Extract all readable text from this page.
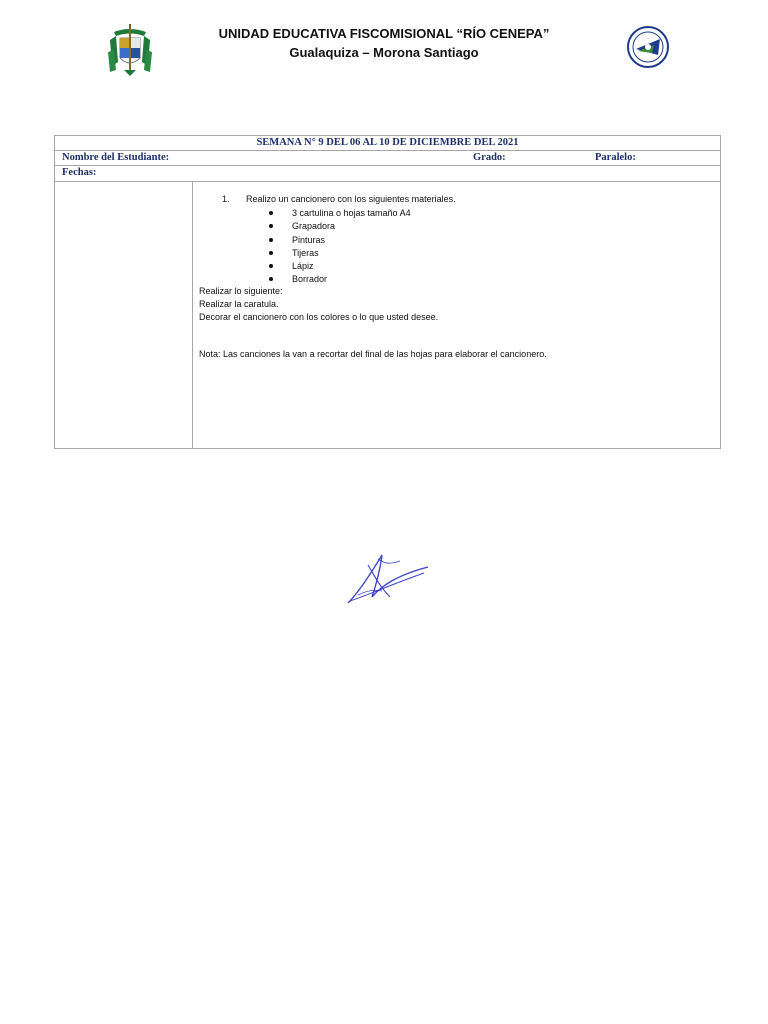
UNIDAD EDUCATIVA FISCOMISIONAL “RÍO CENEPA”
Gualaquiza – Morona Santiago
SEMANA N° 9 DEL 06 AL 10 DE DICIEMBRE DEL 2021
Nombre del Estudiante:	Grado:	Paralelo:
Fechas:
1. Realizo un cancionero con los siguientes materiales.
3 cartulina o hojas tamaño A4
Grapadora
Pinturas
Tijeras
Lápiz
Borrador
Realizar lo siguiente:
Realizar la caratula.
Decorar el cancionero con los colores o lo que usted desee.
Nota: Las canciones la van a recortar del final de las hojas para elaborar el cancionero.
